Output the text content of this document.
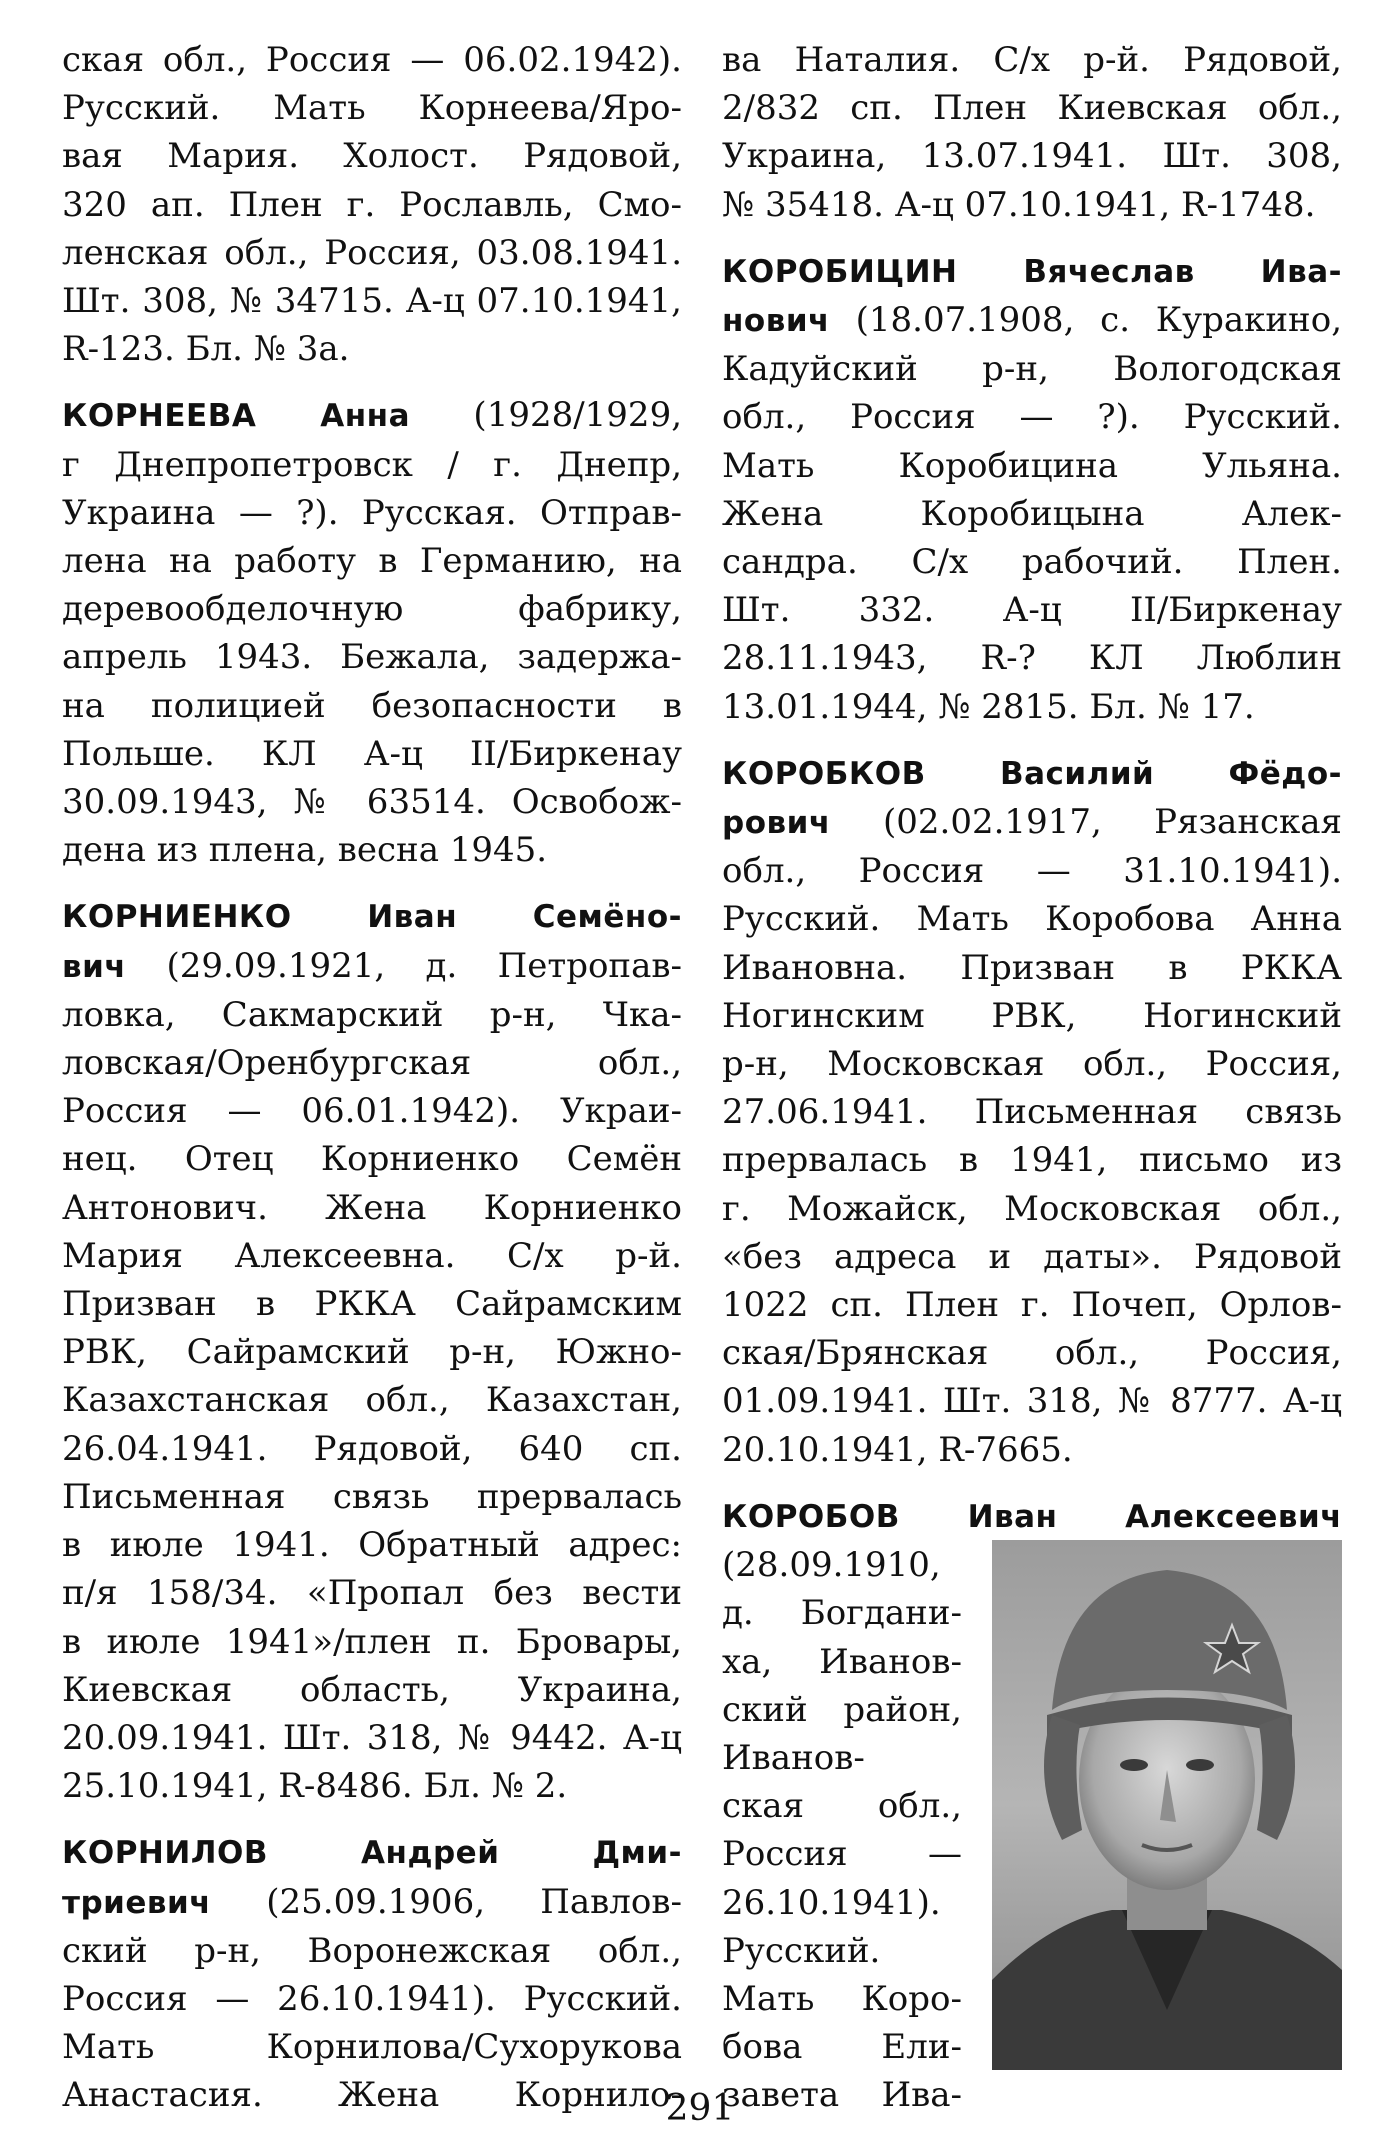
ская обл., Россия — 06.02.1942).
Русский. Мать Корнеева/Яро-
вая Мария. Холост. Рядовой,
320 ап. Плен г. Рославль, Смо-
ленская обл., Россия, 03.08.1941.
Шт. 308, № 34715. А-ц 07.10.1941,
R-123. Бл. № 3а.
КОРНЕЕВА Анна (1928/1929,
г Днепропетровск / г. Днепр,
Украина — ?). Русская. Отправ-
лена на работу в Германию, на
деревообделочную фабрику,
апрель 1943. Бежала, задержа-
на полицией безопасности в
Польше. КЛ А-ц II/Биркенау
30.09.1943, № 63514. Освобож-
дена из плена, весна 1945.
КОРНИЕНКО Иван Семёно-
вич (29.09.1921, д. Петропав-
ловка, Сакмарский р-н, Чка-
ловская/Оренбургская обл.,
Россия — 06.01.1942). Украи-
нец. Отец Корниенко Семён
Антонович. Жена Корниенко
Мария Алексеевна. С/х р-й.
Призван в РККА Сайрамским
РВК, Сайрамский р-н, Южно-
Казахстанская обл., Казахстан,
26.04.1941. Рядовой, 640 сп.
Письменная связь прервалась
в июле 1941. Обратный адрес:
п/я 158/34. «Пропал без вести
в июле 1941»/плен п. Бровары,
Киевская область, Украина,
20.09.1941. Шт. 318, № 9442. А-ц
25.10.1941, R-8486. Бл. № 2.
КОРНИЛОВ Андрей Дми-
триевич (25.09.1906, Павлов-
ский р-н, Воронежская обл.,
Россия — 26.10.1941). Русский.
Мать Корнилова/Сухорукова
Анастасия. Жена Корнило-
ва Наталия. С/х р-й. Рядовой,
2/832 сп. Плен Киевская обл.,
Украина, 13.07.1941. Шт. 308,
№ 35418. А-ц 07.10.1941, R-1748.
КОРОБИЦИН Вячеслав Ива-
нович (18.07.1908, с. Куракино,
Кадуйский р-н, Вологодская
обл., Россия — ?). Русский.
Мать Коробицина Ульяна.
Жена Коробицына Алек-
сандра. С/х рабочий. Плен.
Шт. 332. А-ц II/Биркенау
28.11.1943, R-? КЛ Люблин
13.01.1944, № 2815. Бл. № 17.
КОРОБКОВ Василий Фёдо-
рович (02.02.1917, Рязанская
обл., Россия — 31.10.1941).
Русский. Мать Коробова Анна
Ивановна. Призван в РККА
Ногинским РВК, Ногинский
р-н, Московская обл., Россия,
27.06.1941. Письменная связь
прервалась в 1941, письмо из
г. Можайск, Московская обл.,
«без адреса и даты». Рядовой
1022 сп. Плен г. Почеп, Орлов-
ская/Брянская обл., Россия,
01.09.1941. Шт. 318, № 8777. А-ц
20.10.1941, R-7665.
КОРОБОВ Иван Алексеевич
(28.09.1910,
д. Богдани-
ха, Иванов-
ский район,
Иванов-
ская обл.,
Россия —
26.10.1941).
Русский.
Мать Коро-
бова Ели-
завета Ива-
291
